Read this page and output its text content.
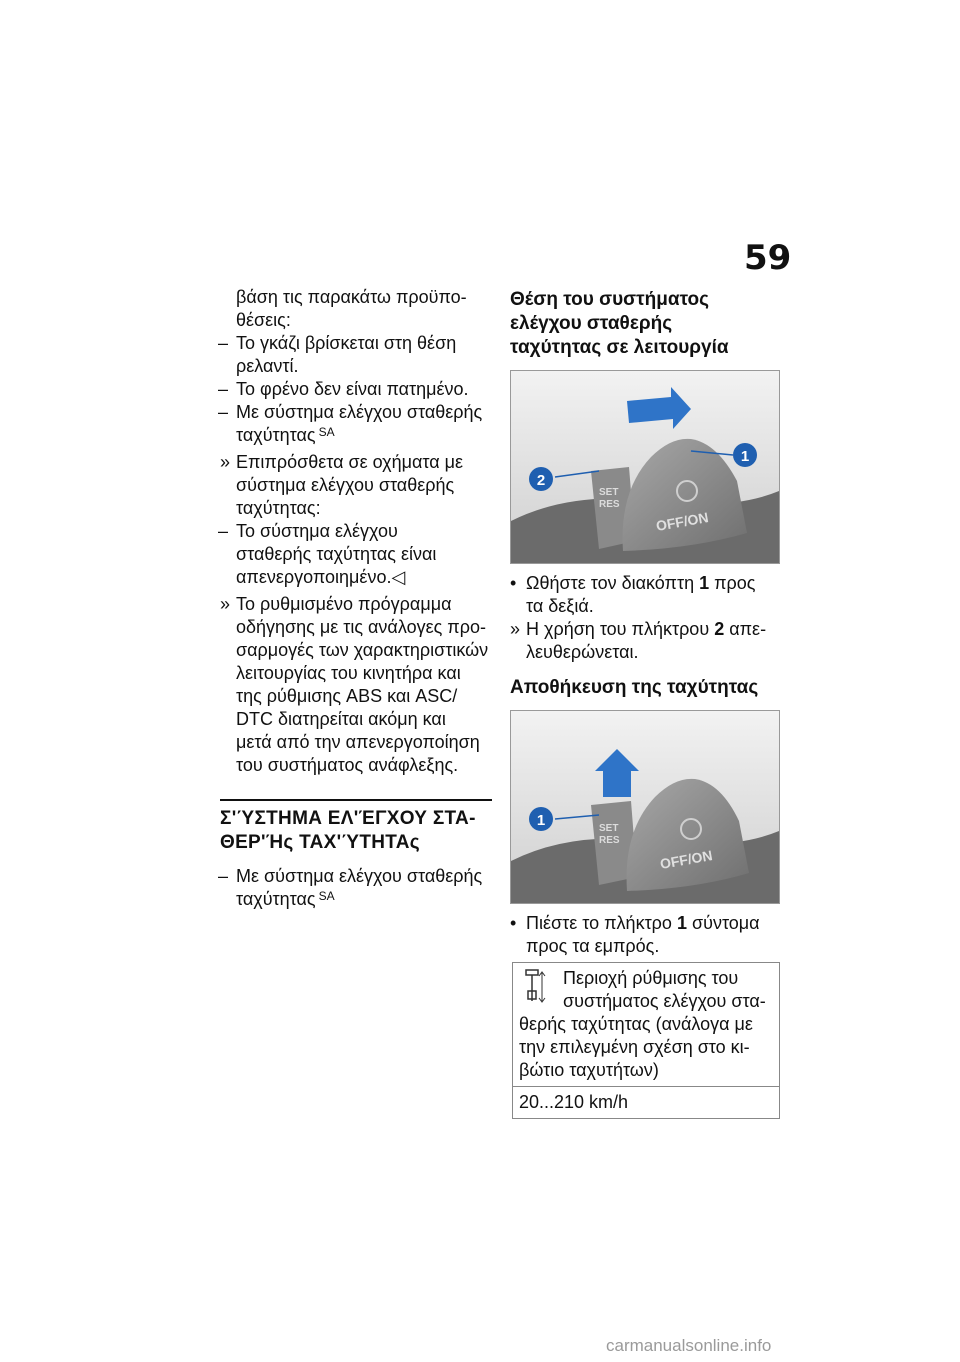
59

βάση τις παρακάτω προϋπο-

θέσεις:

– Το γκάζι βρίσκεται στη θέση

ρελαντί.

– Το φρένο δεν είναι πατημένο.

– Με σύστημα ελέγχου σταθερής

ταχύτητας $^{SA}$

» Επιπρόσθετα σε οχήματα με

σύστημα ελέγχου σταθερής

ταχύτητας:

– Το σύστημα ελέγχου

σταθερής ταχύτητας είναι

απενεργοποιημένο.◁

» Το ρυθμισμένο πρόγραμμα

οδήγησης με τις ανάλογες προ-

σαρμογές των χαρακτηριστικών

λειτουργίας του κινητήρα και

της ρύθμισης ABS και ASC/

DTC διατηρείται ακόμη και

μετά από την απενεργοποίηση

του συστήματος ανάφλεξης.

Σ'ΎΣΤΗΜΑ ΕΛ'ΈΓΧΟΥ ΣΤΑ-

ΘΕΡ'Ής ΤΑΧ'ΎΤΗΤΑς

– Με σύστημα ελέγχου σταθερής

ταχύτητας $^{SA}$

Θέση του συστήματος

ελέγχου σταθερής

ταχύτητας σε λειτουργία

SET
RES
OFF/ON
2
1
• Ωθήστε τον διακόπτη 1 προς

τα δεξιά.

» Η χρήση του πλήκτρου 2 απε-

λευθερώνεται.

Αποθήκευση της ταχύτητας

SET
RES
OFF/ON
1
• Πιέστε το πλήκτρο 1 σύντομα

προς τα εμπρός.

Περιοχή ρύθμισης του

συστήματος ελέγχου στα-

θερής ταχύτητας (ανάλογα με

την επιλεγμένη σχέση στο κι-

βώτιο ταχυτήτων)

20...210 km/h
carmanualsonline.info
